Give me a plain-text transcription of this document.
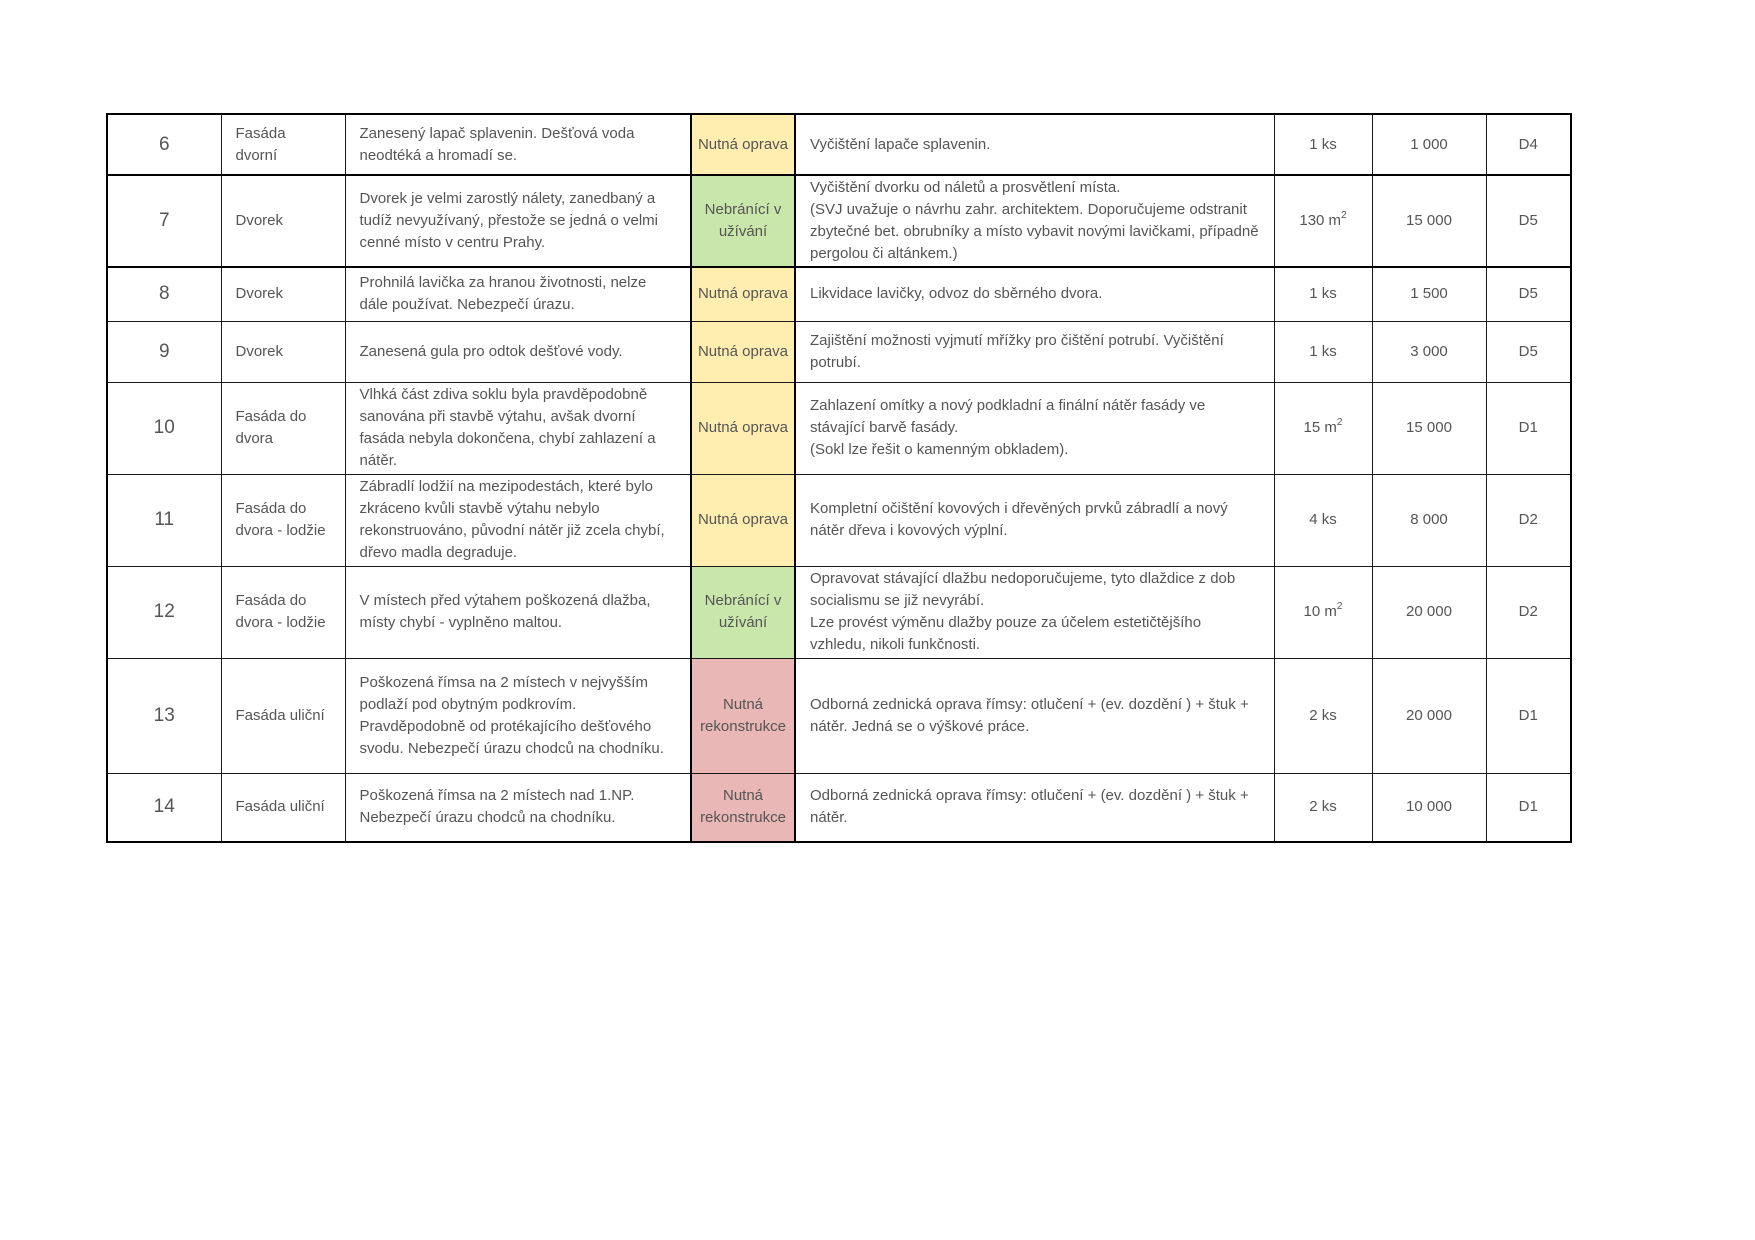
6	Fasáda dvorní	Zanesený lapač splavenin. Dešťová voda neodtéká a hromadí se.	Nutná oprava	Vyčištění lapače splavenin.	1 ks	1 000	D4
7	Dvorek	Dvorek je velmi zarostlý nálety, zanedbaný a tudíž nevyužívaný, přestože se jedná o velmi cenné místo v centru Prahy.	Nebránící v
užívání	Vyčištění dvorku od náletů a prosvětlení místa.
(SVJ uvažuje o návrhu zahr. architektem. Doporučujeme odstranit zbytečné bet. obrubníky a místo vybavit novými lavičkami, případně pergolou či altánkem.)	130 $m^2$	15 000	D5
8	Dvorek	Prohnilá lavička za hranou životnosti, nelze dále používat. Nebezpečí úrazu.	Nutná oprava	Likvidace lavičky, odvoz do sběrného dvora.	1 ks	1 500	D5
9	Dvorek	Zanesená gula pro odtok dešťové vody.	Nutná oprava	Zajištění možnosti vyjmutí mřížky pro čištění potrubí. Vyčištění potrubí.	1 ks	3 000	D5
10	Fasáda do dvora	Vlhká část zdiva soklu byla pravděpodobně sanována při stavbě výtahu, avšak dvorní fasáda nebyla dokončena, chybí zahlazení a nátěr.	Nutná oprava	Zahlazení omítky a nový podkladní a finální nátěr fasády ve stávající barvě fasády.
(Sokl lze řešit o kamenným obkladem).	15 $m^2$	15 000	D1
11	Fasáda do dvora - lodžie	Zábradlí lodžií na mezipodestách, které bylo zkráceno kvůli stavbě výtahu nebylo rekonstruováno, původní nátěr již zcela chybí, dřevo madla degraduje.	Nutná oprava	Kompletní očištění kovových i dřevěných prvků zábradlí a nový nátěr dřeva i kovových výplní.	4 ks	8 000	D2
12	Fasáda do dvora - lodžie	V místech před výtahem poškozená dlažba, místy chybí - vyplněno maltou.	Nebránící v
užívání	Opravovat stávající dlažbu nedoporučujeme, tyto dlaždice z dob socialismu se již nevyrábí.
Lze provést výměnu dlažby pouze za účelem estetičtějšího vzhledu, nikoli funkčnosti.	10 $m^2$	20 000	D2
13	Fasáda uliční	Poškozená římsa na 2 místech v nejvyšším podlaží pod obytným podkrovím. Pravděpodobně od protékajícího dešťového svodu. Nebezpečí úrazu chodců na chodníku.	Nutná
rekonstrukce	Odborná zednická oprava římsy: otlučení + (ev. dozdění ) + štuk + nátěr. Jedná se o výškové práce.	2 ks	20 000	D1
14	Fasáda uliční	Poškozená římsa na 2 místech nad 1.NP. Nebezpečí úrazu chodců na chodníku.	Nutná
rekonstrukce	Odborná zednická oprava římsy: otlučení + (ev. dozdění ) + štuk + nátěr.	2 ks	10 000	D1
